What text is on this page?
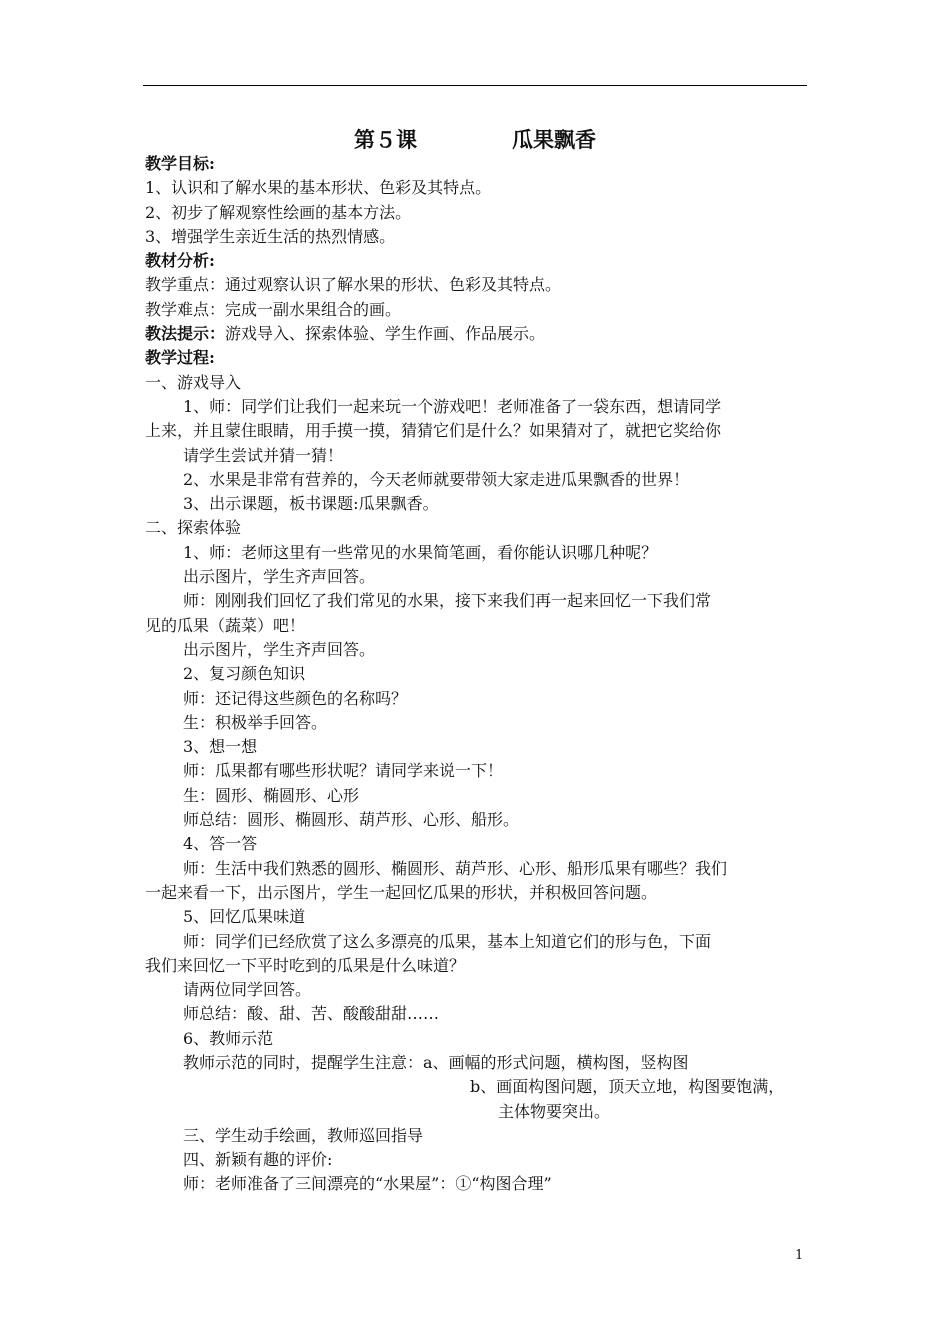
第５课             瓜果飘香

教学目标:

1、认识和了解水果的基本形状、色彩及其特点。

2、初步了解观察性绘画的基本方法。

3、增强学生亲近生活的热烈情感。

教材分析:

教学重点：通过观察认识了解水果的形状、色彩及其特点。

教学难点：完成一副水果组合的画。

教法提示：游戏导入、探索体验、学生作画、作品展示。

教学过程:

一、游戏导入

1、师：同学们让我们一起来玩一个游戏吧！老师准备了一袋东西，想请同学

上来，并且蒙住眼睛，用手摸一摸，猜猜它们是什么？如果猜对了，就把它奖给你

请学生尝试并猜一猜！

2、水果是非常有营养的，今天老师就要带领大家走进瓜果飘香的世界！

3、出示课题，板书课题:瓜果飘香。

二、探索体验

1、师：老师这里有一些常见的水果简笔画，看你能认识哪几种呢？

出示图片，学生齐声回答。

师：刚刚我们回忆了我们常见的水果，接下来我们再一起来回忆一下我们常

见的瓜果（蔬菜）吧！

出示图片，学生齐声回答。

2、复习颜色知识

师：还记得这些颜色的名称吗？

生：积极举手回答。

3、想一想

师：瓜果都有哪些形状呢？请同学来说一下！

生：圆形、椭圆形、心形

师总结：圆形、椭圆形、葫芦形、心形、船形。

4、答一答

师：生活中我们熟悉的圆形、椭圆形、葫芦形、心形、船形瓜果有哪些？我们

一起来看一下，出示图片，学生一起回忆瓜果的形状，并积极回答问题。

5、回忆瓜果味道

师：同学们已经欣赏了这么多漂亮的瓜果，基本上知道它们的形与色，下面

我们来回忆一下平时吃到的瓜果是什么味道？

请两位同学回答。

师总结：酸、甜、苦、酸酸甜甜……

6、教师示范

教师示范的同时，提醒学生注意：a、画幅的形式问题，横构图，竖构图

b、画面构图问题，顶天立地，构图要饱满，

主体物要突出。

三、学生动手绘画，教师巡回指导

四、新颖有趣的评价:

师：老师准备了三间漂亮的“水果屋”：①“构图合理”

1
